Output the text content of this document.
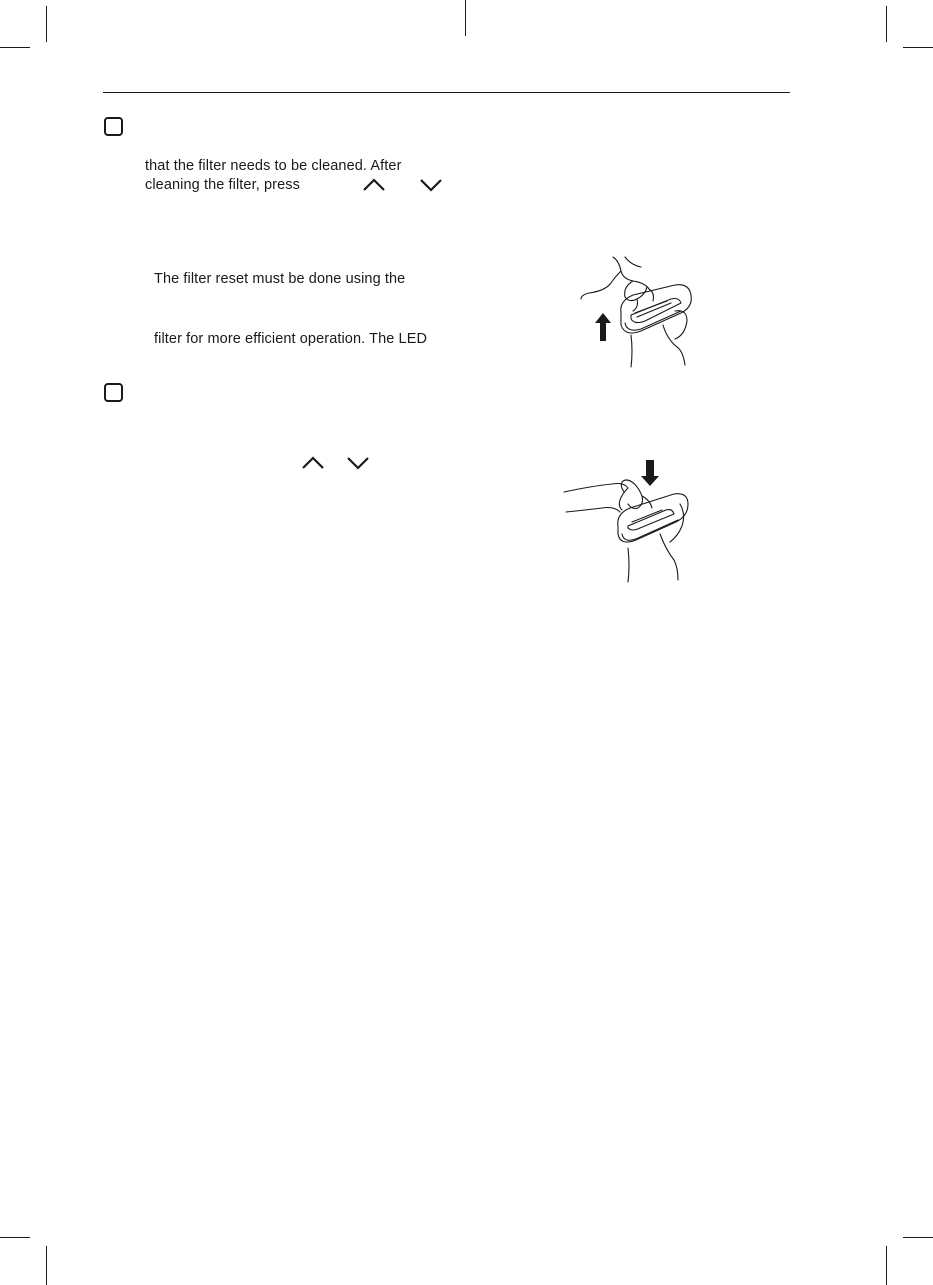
that the filter needs to be cleaned. After
cleaning the filter, press
The filter reset must be done using the
filter for more efficient operation. The LED
